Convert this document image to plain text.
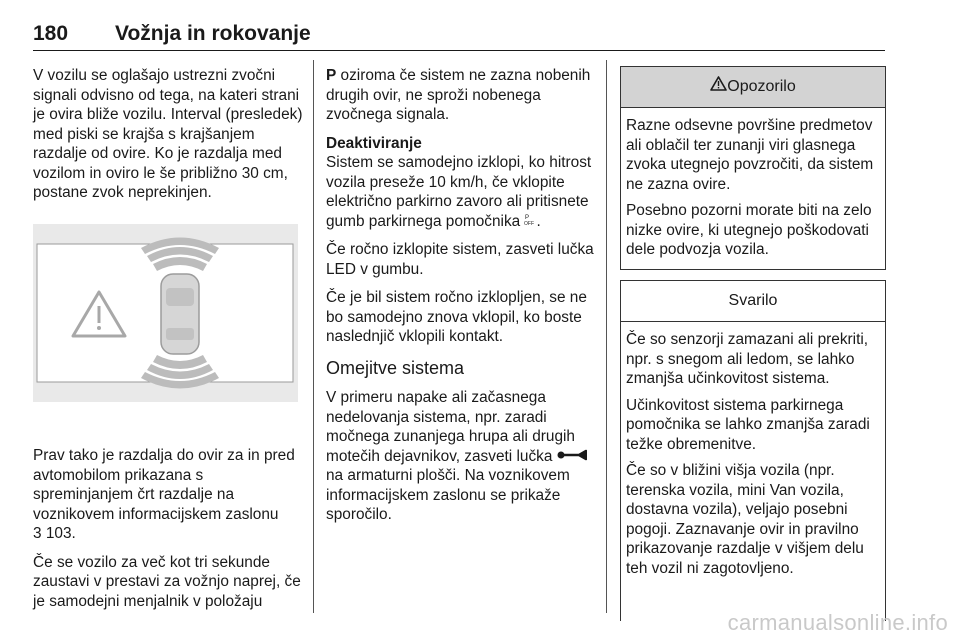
180 Vožnja in rokovanje

V vozilu se oglašajo ustrezni zvočni signali odvisno od tega, na kateri strani je ovira bliže vozilu. Interval (presledek) med piski se krajša s krajšanjem razdalje od ovire. Ko je razdalja med vozilom in oviro le še približno 30 cm, postane zvok neprekinjen.

Prav tako je razdalja do ovir za in pred avtomobilom prikazana s spreminjanjem črt razdalje na voznikovem informacijskem zaslonu
3 103.

Če se vozilo za več kot tri sekunde zaustavi v prestavi za vožnjo naprej, če je samodejni menjalnik v položaju

P oziroma če sistem ne zazna nobenih drugih ovir, ne sproži nobenega zvočnega signala.

Deaktiviranje
Sistem se samodejno izklopi, ko hitrost vozila preseže 10 km/h, če vklopite električno parkirno zavoro ali pritisnete gumb parkirnega pomočnika P
OFF .

Če ročno izklopite sistem, zasveti lučka LED v gumbu.

Če je bil sistem ročno izklopljen, se ne bo samodejno znova vklopil, ko boste naslednjič vklopili kontakt.

Omejitve sistema

V primeru napake ali začasnega nedelovanja sistema, npr. zaradi močnega zunanjega hrupa ali drugih motečih dejavnikov, zasveti lučka  na armaturni plošči. Na voznikovem informacijskem zaslonu se prikaže sporočilo.

Opozorilo

Razne odsevne površine predmetov ali oblačil ter zunanji viri glasnega zvoka utegnejo povzročiti, da sistem ne zazna ovire.

Posebno pozorni morate biti na zelo nizke ovire, ki utegnejo poškodovati dele podvozja vozila.

Svarilo

Če so senzorji zamazani ali prekriti, npr. s snegom ali ledom, se lahko zmanjša učinkovitost sistema.

Učinkovitost sistema parkirnega pomočnika se lahko zmanjša zaradi težke obremenitve.

Če so v bližini višja vozila (npr. terenska vozila, mini Van vozila, dostavna vozila), veljajo posebni pogoji. Zaznavanje ovir in pravilno prikazovanje razdalje v višjem delu teh vozil ni zagotovljeno.

carmanualsonline.info
